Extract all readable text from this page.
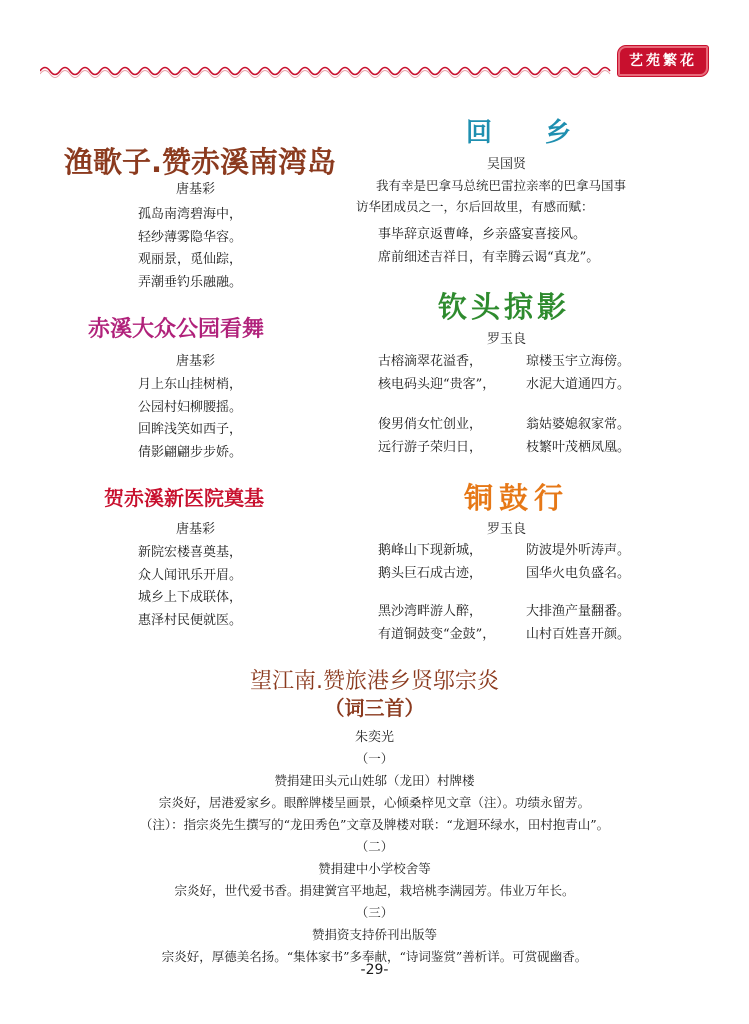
艺苑繁花
渔歌子.赞赤溪南湾岛
唐基彩
孤岛南湾碧海中，
轻纱薄雾隐华容。
观丽景，觅仙踪，
弄潮垂钓乐融融。
赤溪大众公园看舞
唐基彩
月上东山挂树梢，
公园村妇柳腰摇。
回眸浅笑如西子，
倩影翩翩步步娇。
贺赤溪新医院奠基
唐基彩
新院宏楼喜奠基，
众人闻讯乐开眉。
城乡上下成联体，
惠泽村民便就医。
回 乡
吴国贤
我有幸是巴拿马总统巴雷拉亲率的巴拿马国事
访华团成员之一，尔后回故里，有感而赋：
事毕辞京返曹峰，乡亲盛宴喜接风。
席前细述吉祥日，有幸腾云谒“真龙”。
钦头掠影
罗玉良
古榕滴翠花溢香，	琼楼玉宇立海傍。
核电码头迎“贵客”，	水泥大道通四方。
俊男俏女忙创业，	翁姑婆媳叙家常。
远行游子荣归日，	枝繁叶茂栖凤凰。
铜鼓行
罗玉良
鹅峰山下现新城，	防波堤外听涛声。
鹅头巨石成古迹，	国华火电负盛名。
黑沙湾畔游人醉，	大排渔产量翻番。
有道铜鼓变“金鼓”，	山村百姓喜开颜。
望江南.赞旅港乡贤邬宗炎
（词三首）
朱奕光
（一）
赞捐建田头元山姓邬（龙田）村牌楼
宗炎好，居港爱家乡。眼醉牌楼呈画景，心倾桑梓见文章（注）。功绩永留芳。
（注）：指宗炎先生撰写的“龙田秀色”文章及牌楼对联：“龙迴环绿水，田村抱青山”。
（二）
赞捐建中小学校舍等
宗炎好，世代爱书香。捐建黉宫平地起，栽培桃李满园芳。伟业万年长。
（三）
赞捐资支持侨刊出版等
宗炎好，厚德美名扬。“集体家书”多奉献，“诗词鉴赏”善析详。可赏砚幽香。
-29-
